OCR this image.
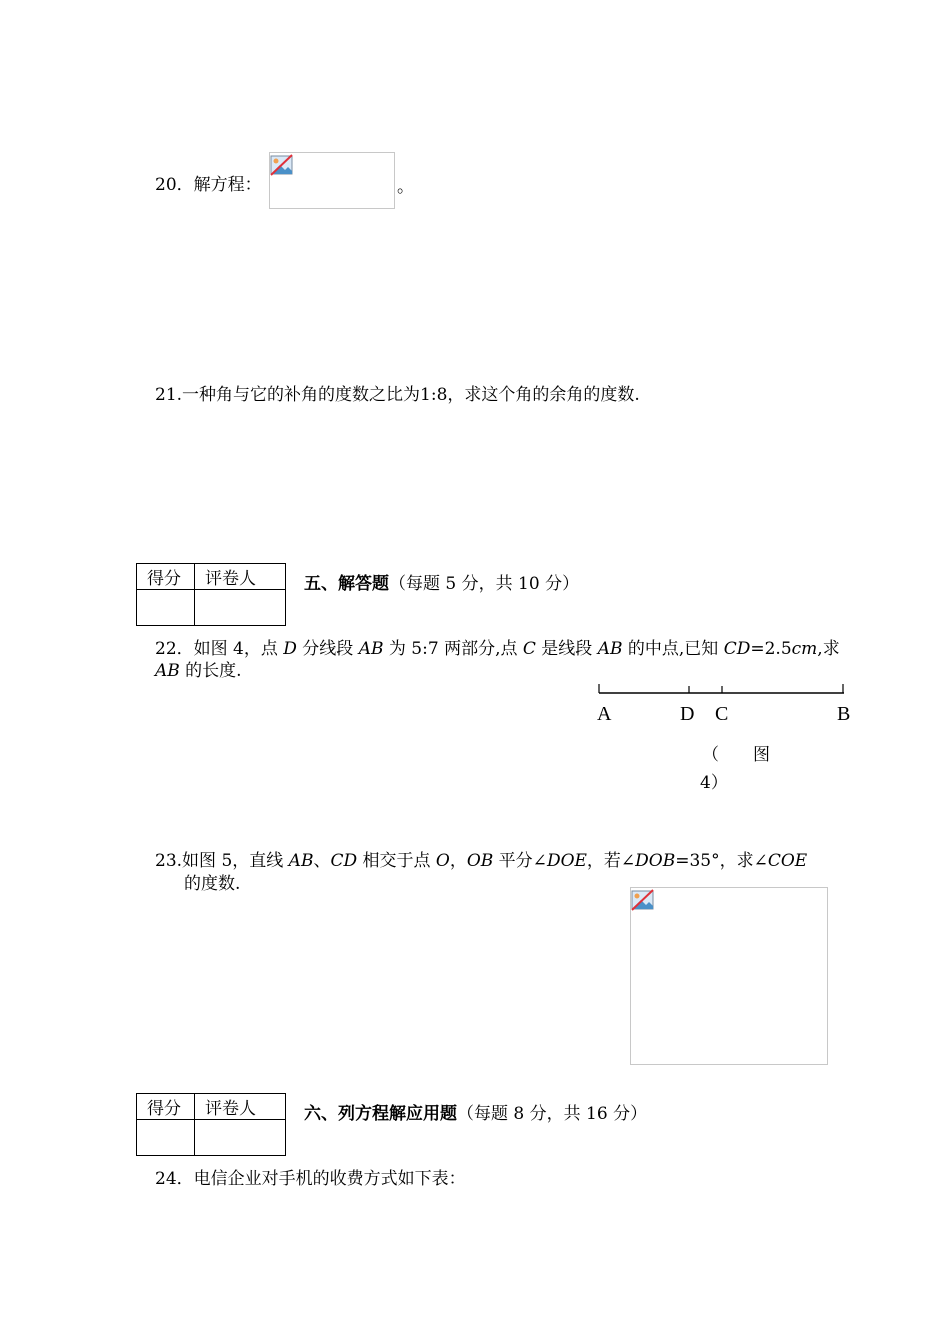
20．解方程：	。
21.一种角与它的补角的度数之比为1:8，求这个角的余角的度数.
得分	评卷人
		五、解答题（每题 5 分，共 10 分）
22．如图 4，点 D 分线段 AB 为 5:7 两部分,点 C 是线段 AB 的中点,已知 CD=2.5cm,求
AB 的长度.
A	D C	B
（　　图
4）
23.如图 5，直线 AB、CD 相交于点 O，OB 平分∠DOE，若∠DOB=35°，求∠COE
的度数.
得分	评卷人
		六、列方程解应用题（每题 8 分，共 16 分）
24．电信企业对手机的收费方式如下表：
